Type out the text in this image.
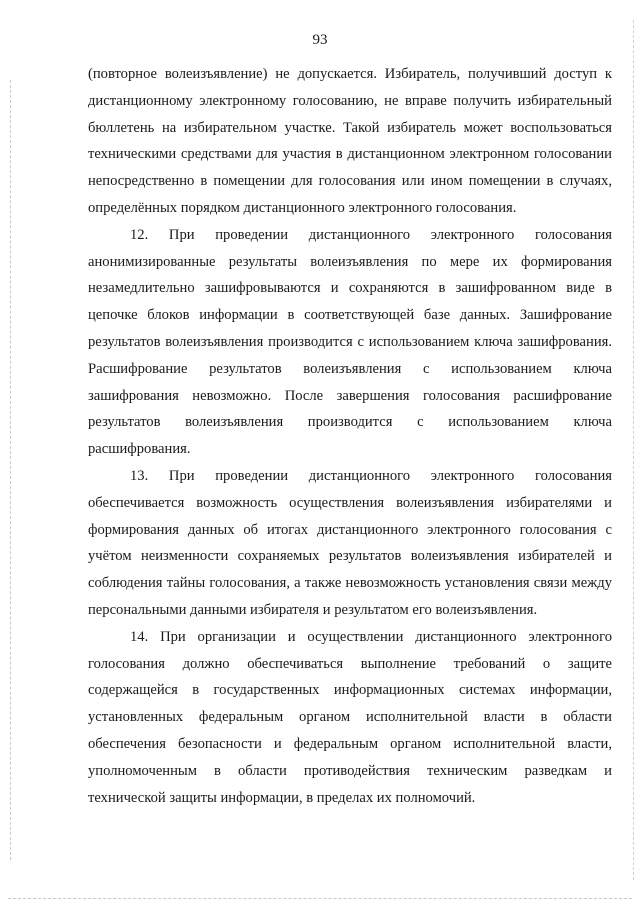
93

(повторное волеизъявление) не допускается. Избиратель, получивший доступ к дистанционному электронному голосованию, не вправе получить избирательный бюллетень на избирательном участке. Такой избиратель может воспользоваться техническими средствами для участия в дистанционном электронном голосовании непосредственно в помещении для голосования или ином помещении в случаях, определённых порядком дистанционного электронного голосования.

12. При проведении дистанционного электронного голосования анонимизированные результаты волеизъявления по мере их формирования незамедлительно зашифровываются и сохраняются в зашифрованном виде в цепочке блоков информации в соответствующей базе данных. Зашифрование результатов волеизъявления производится с использованием ключа зашифрования. Расшифрование результатов волеизъявления с использованием ключа зашифрования невозможно. После завершения голосования расшифрование результатов волеизъявления производится с использованием ключа расшифрования.

13. При проведении дистанционного электронного голосования обеспечивается возможность осуществления волеизъявления избирателями и формирования данных об итогах дистанционного электронного голосования с учётом неизменности сохраняемых результатов волеизъявления избирателей и соблюдения тайны голосования, а также невозможность установления связи между персональными данными избирателя и результатом его волеизъявления.

14. При организации и осуществлении дистанционного электронного голосования должно обеспечиваться выполнение требований о защите содержащейся в государственных информационных системах информации, установленных федеральным органом исполнительной власти в области обеспечения безопасности и федеральным органом исполнительной власти, уполномоченным в области противодействия техническим разведкам и технической защиты информации, в пределах их полномочий.
